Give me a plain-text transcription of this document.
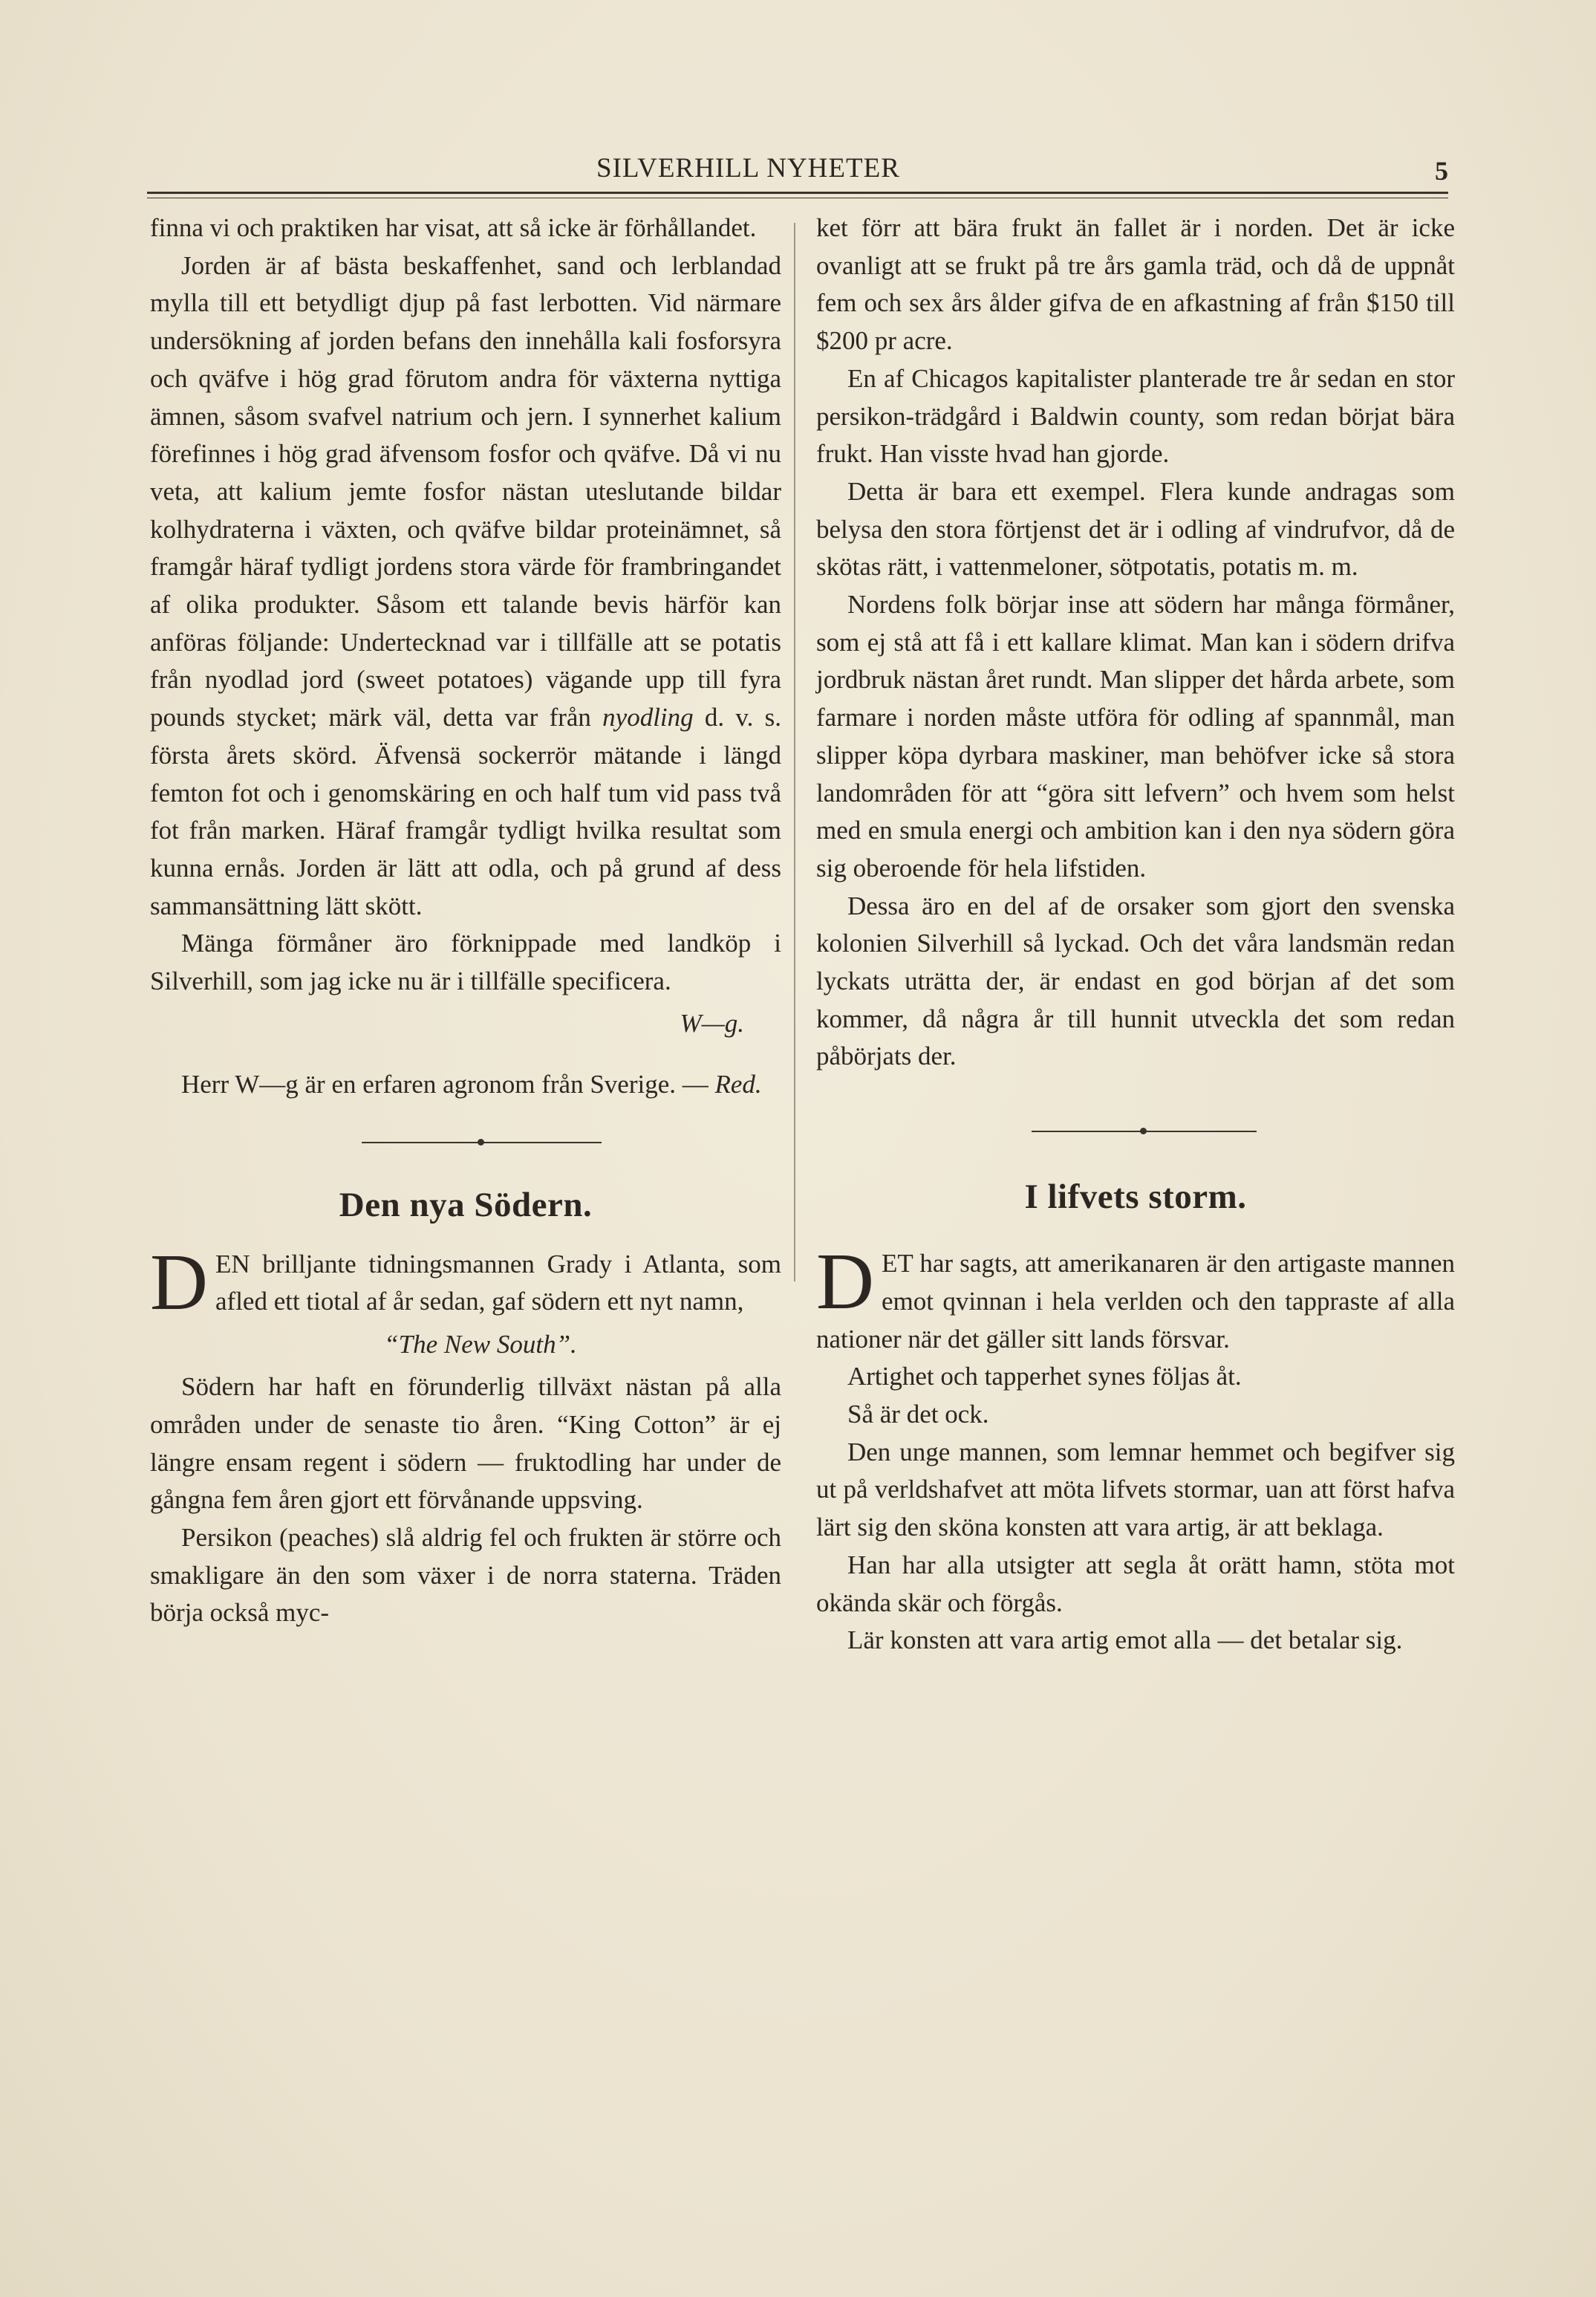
SILVERHILL NYHETER	5

finna vi och praktiken har visat, att så icke är förhållandet.

Jorden är af bästa beskaffenhet, sand och lerblandad mylla till ett betydligt djup på fast lerbotten. Vid närmare undersökning af jorden befans den innehålla kali fosforsyra och qväfve i hög grad förutom andra för växterna nyttiga ämnen, såsom svafvel natrium och jern. I synnerhet kalium förefinnes i hög grad äfvensom fosfor och qväfve. Då vi nu veta, att kalium jemte fosfor nästan uteslutande bildar kolhydraterna i växten, och qväfve bildar proteinämnet, så framgår häraf tydligt jordens stora värde för frambringandet af olika produkter. Såsom ett talande bevis härför kan anföras följande: Undertecknad var i tillfälle att se potatis från nyodlad jord (sweet potatoes) vägande upp till fyra pounds stycket; märk väl, detta var från nyodling d. v. s. första årets skörd. Äfvensä sockerrör mätande i längd femton fot och i genomskäring en och half tum vid pass två fot från marken. Häraf framgår tydligt hvilka resultat som kunna ernås. Jorden är lätt att odla, och på grund af dess sammansättning lätt skött.

Mänga förmåner äro förknippade med landköp i Silverhill, som jag icke nu är i tillfälle specificera.

W—g.

Herr W—g är en erfaren agronom från Sverige. — Red.

Den nya Södern.
D EN brilljante tidningsmannen Grady i Atlanta, som afled ett tiotal af år sedan, gaf södern ett nyt namn,

“The New South”.

Södern har haft en förunderlig tillväxt nästan på alla områden under de senaste tio åren. “King Cotton” är ej längre ensam regent i södern — fruktodling har under de gångna fem åren gjort ett förvånande uppsving.

Persikon (peaches) slå aldrig fel och frukten är större och smakligare än den som växer i de norra staterna. Träden börja också myc-

ket förr att bära frukt än fallet är i norden. Det är icke ovanligt att se frukt på tre års gamla träd, och då de uppnåt fem och sex års ålder gifva de en afkastning af från $150 till $200 pr acre.

En af Chicagos kapitalister planterade tre år sedan en stor persikon-trädgård i Baldwin county, som redan börjat bära frukt. Han visste hvad han gjorde.

Detta är bara ett exempel. Flera kunde andragas som belysa den stora förtjenst det är i odling af vindrufvor, då de skötas rätt, i vattenmeloner, sötpotatis, potatis m. m.

Nordens folk börjar inse att södern har många förmåner, som ej stå att få i ett kallare klimat. Man kan i södern drifva jordbruk nästan året rundt. Man slipper det hårda arbete, som farmare i norden måste utföra för odling af spannmål, man slipper köpa dyrbara maskiner, man behöfver icke så stora landområden för att “göra sitt lefvern” och hvem som helst med en smula energi och ambition kan i den nya södern göra sig oberoende för hela lifstiden.

Dessa äro en del af de orsaker som gjort den svenska kolonien Silverhill så lyckad. Och det våra landsmän redan lyckats uträtta der, är endast en god början af det som kommer, då några år till hunnit utveckla det som redan påbörjats der.

I lifvets storm.
D ET har sagts, att amerikanaren är den artigaste mannen emot qvinnan i hela verlden och den tappraste af alla nationer när det gäller sitt lands försvar.

Artighet och tapperhet synes följas åt.

Så är det ock.

Den unge mannen, som lemnar hemmet och begifver sig ut på verldshafvet att möta lifvets stormar, uan att först hafva lärt sig den sköna konsten att vara artig, är att beklaga.

Han har alla utsigter att segla åt orätt hamn, stöta mot okända skär och förgås.

Lär konsten att vara artig emot alla — det betalar sig.
